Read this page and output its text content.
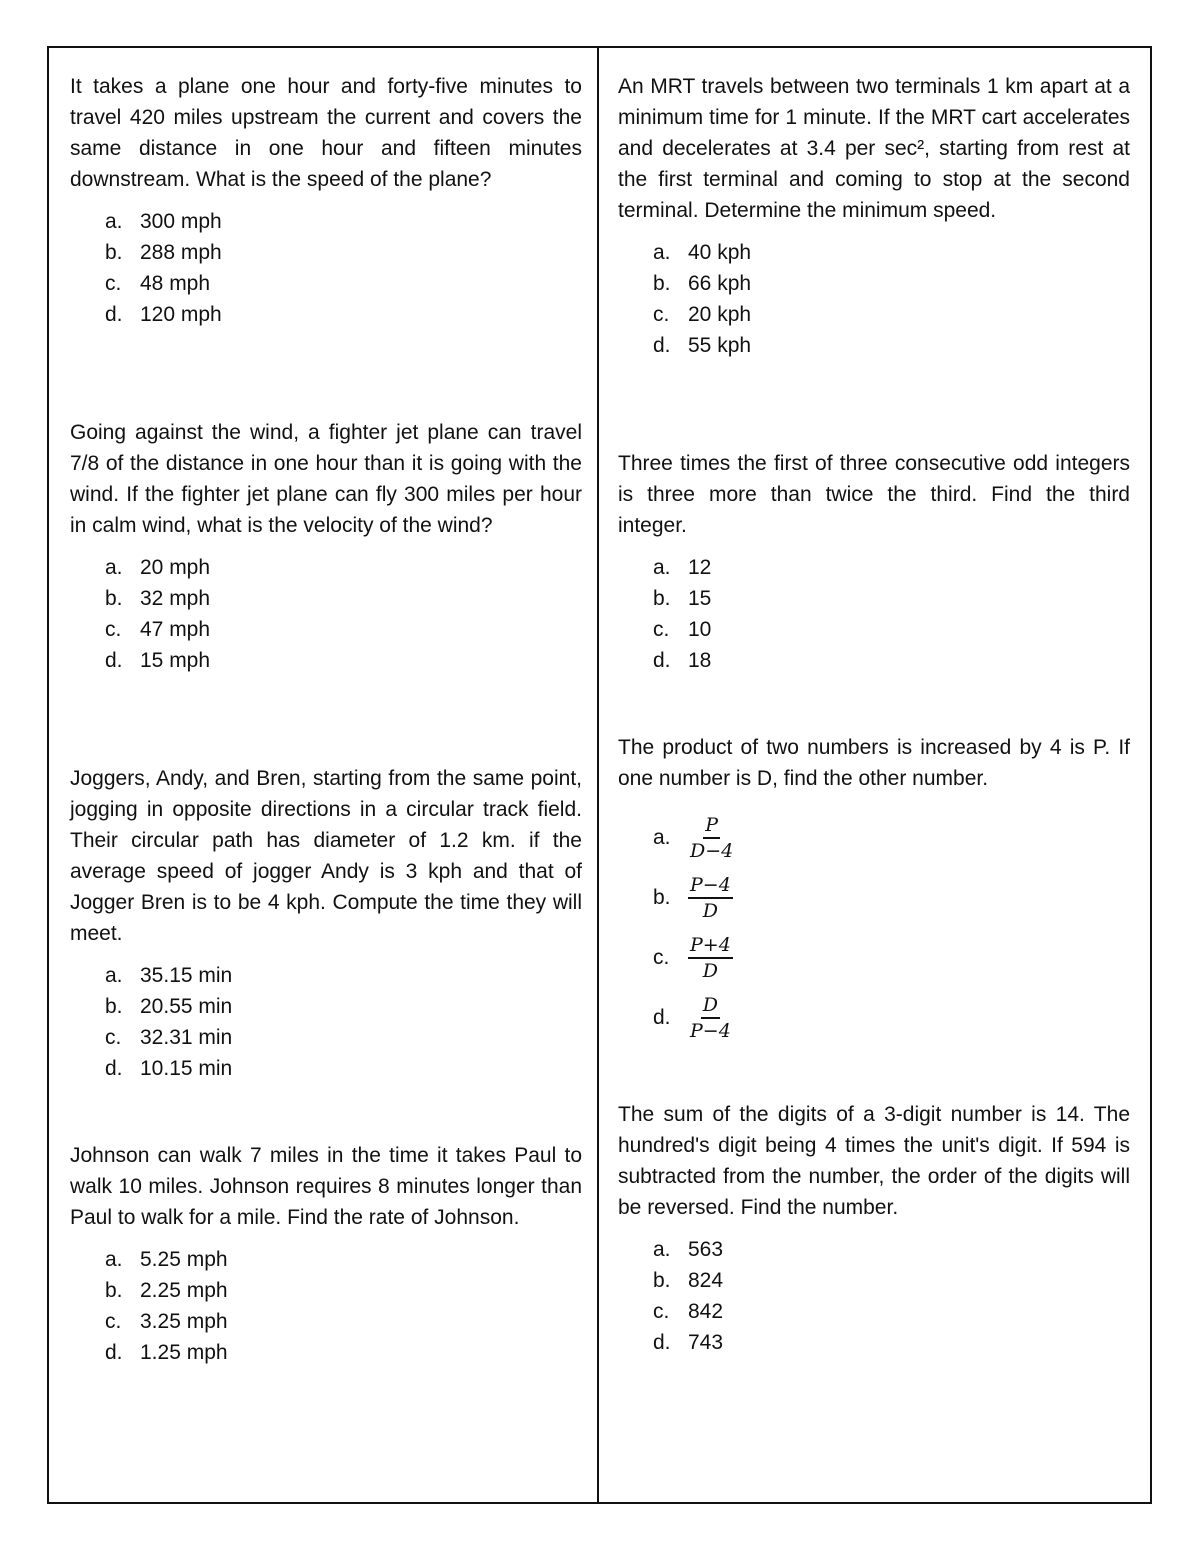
It takes a plane one hour and forty-five minutes to travel 420 miles upstream the current and covers the same distance in one hour and fifteen minutes downstream. What is the speed of the plane?

a. 300 mph
b. 288 mph
c. 48 mph
d. 120 mph

Going against the wind, a fighter jet plane can travel 7/8 of the distance in one hour than it is going with the wind. If the fighter jet plane can fly 300 miles per hour in calm wind, what is the velocity of the wind?

a. 20 mph
b. 32 mph
c. 47 mph
d. 15 mph

Joggers, Andy, and Bren, starting from the same point, jogging in opposite directions in a circular track field. Their circular path has diameter of 1.2 km. if the average speed of jogger Andy is 3 kph and that of Jogger Bren is to be 4 kph. Compute the time they will meet.

a. 35.15 min
b. 20.55 min
c. 32.31 min
d. 10.15 min

Johnson can walk 7 miles in the time it takes Paul to walk 10 miles. Johnson requires 8 minutes longer than Paul to walk for a mile. Find the rate of Johnson.

a. 5.25 mph
b. 2.25 mph
c. 3.25 mph
d. 1.25 mph

An MRT travels between two terminals 1 km apart at a minimum time for 1 minute. If the MRT cart accelerates and decelerates at 3.4 per sec², starting from rest at the first terminal and coming to stop at the second terminal. Determine the minimum speed.

a. 40 kph
b. 66 kph
c. 20 kph
d. 55 kph

Three times the first of three consecutive odd integers is three more than twice the third. Find the third integer.

a. 12
b. 15
c. 10
d. 18

The product of two numbers is increased by 4 is P. If one number is D, find the other number.

a. $\frac{P}{D-4}$
b. $\frac{P-4}{D}$
c. $\frac{P+4}{D}$
d. $\frac{D}{P-4}$

The sum of the digits of a 3-digit number is 14. The hundred's digit being 4 times the unit's digit. If 594 is subtracted from the number, the order of the digits will be reversed. Find the number.

a. 563
b. 824
c. 842
d. 743
